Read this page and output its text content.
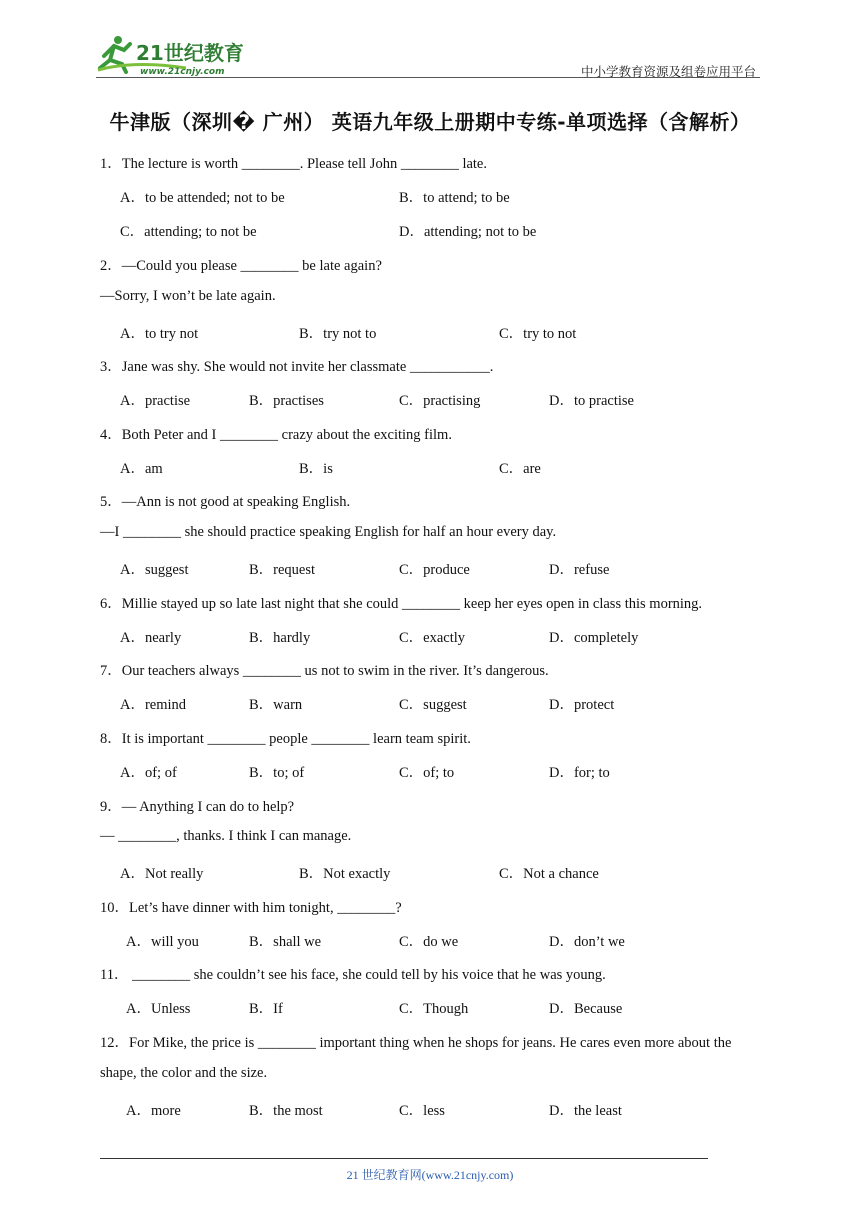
21世纪教育
www.21cnjy.com	中小学教育资源及组卷应用平台
牛津版（深圳� 广州） 英语九年级上册期中专练-单项选择（含解析）
1．The lecture is worth ________. Please tell John ________ late.
A．to be attended; not to be	B．to attend; to be
C．attending; to not be	D．attending; not to be
2．—Could you please ________ be late again?
—Sorry, I won’t be late again.
A．to try not	B．try not to	C．try to not
3．Jane was shy. She would not invite her classmate ___________.
A．practise	B．practises	C．practising	D．to practise
4．Both Peter and I ________ crazy about the exciting film.
A．am	B．is	C．are
5．—Ann is not good at speaking English.
—I ________ she should practice speaking English for half an hour every day.
A．suggest	B．request	C．produce	D．refuse
6．Millie stayed up so late last night that she could ________ keep her eyes open in class this morning.
A．nearly	B．hardly	C．exactly	D．completely
7．Our teachers always ________ us not to swim in the river. It’s dangerous.
A．remind	B．warn	C．suggest	D．protect
8．It is important ________ people ________ learn team spirit.
A．of; of	B．to; of	C．of; to	D．for; to
9．— Anything I can do to help?
— ________, thanks. I think I can manage.
A．Not really	B．Not exactly	C．Not a chance
10．Let’s have dinner with him tonight, ________?
A．will you	B．shall we	C．do we	D．don’t we
11． ________ she couldn’t see his face, she could tell by his voice that he was young.
A．Unless	B．If	C．Though	D．Because
12．For Mike, the price is ________ important thing when he shops for jeans. He cares even more about the
shape, the color and the size.
A．more	B．the most	C．less	D．the least
21 世纪教育网(www.21cnjy.com)
